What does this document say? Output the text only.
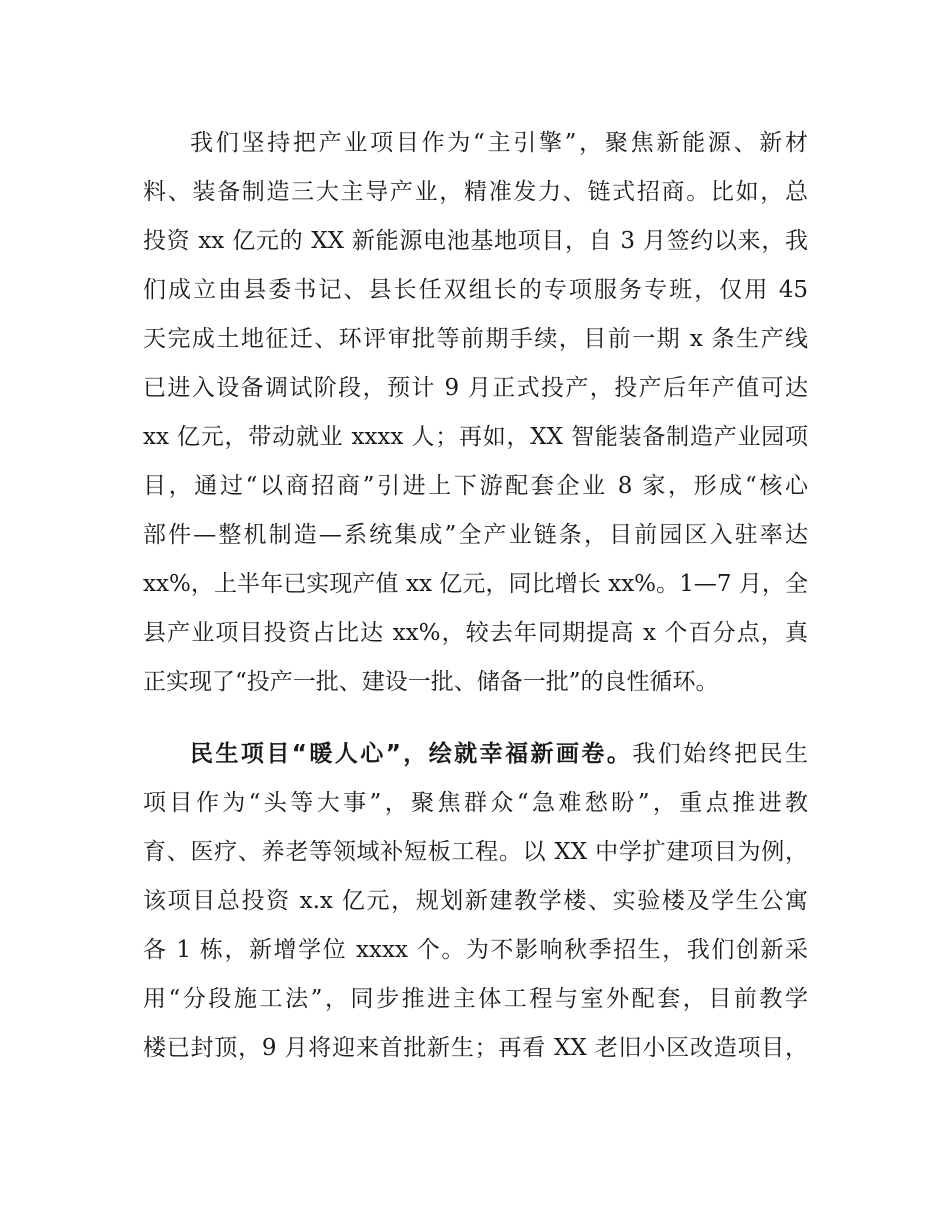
我们坚持把产业项目作为“主引擎”，聚焦新能源、新材
料、装备制造三大主导产业，精准发力、链式招商。比如，总
投资 xx 亿元的 XX 新能源电池基地项目，自 3 月签约以来，我
们成立由县委书记、县长任双组长的专项服务专班，仅用 45
天完成土地征迁、环评审批等前期手续，目前一期 x 条生产线
已进入设备调试阶段，预计 9 月正式投产，投产后年产值可达
xx 亿元，带动就业 xxxx 人；再如，XX 智能装备制造产业园项
目，通过“以商招商”引进上下游配套企业 8 家，形成“核心
部件—整机制造—系统集成”全产业链条，目前园区入驻率达
xx%，上半年已实现产值 xx 亿元，同比增长 xx%。1—7 月，全
县产业项目投资占比达 xx%，较去年同期提高 x 个百分点，真
正实现了“投产一批、建设一批、储备一批”的良性循环。
民生项目“暖人心”，绘就幸福新画卷。我们始终把民生
项目作为“头等大事”，聚焦群众“急难愁盼”，重点推进教
育、医疗、养老等领域补短板工程。以 XX 中学扩建项目为例，
该项目总投资 x.x 亿元，规划新建教学楼、实验楼及学生公寓
各 1 栋，新增学位 xxxx 个。为不影响秋季招生，我们创新采
用“分段施工法”，同步推进主体工程与室外配套，目前教学
楼已封顶，9 月将迎来首批新生；再看 XX 老旧小区改造项目，
